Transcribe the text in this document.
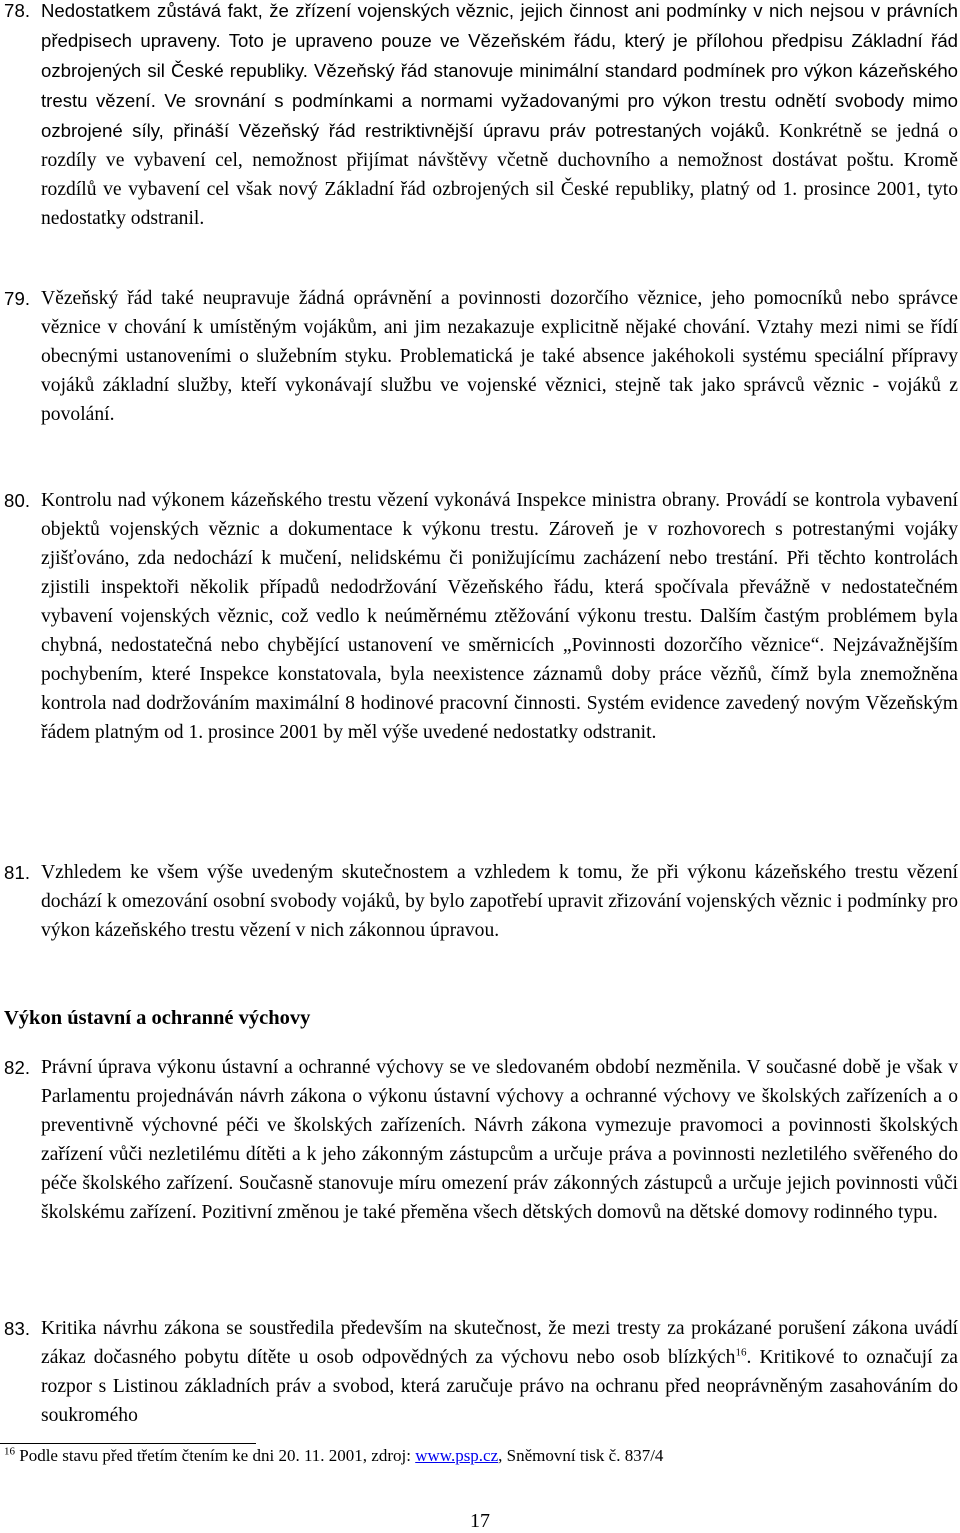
78. Nedostatkem zůstává fakt, že zřízení vojenských věznic, jejich činnost ani podmínky v nich nejsou v právních předpisech upraveny. Toto je upraveno pouze ve Vězeňském řádu, který je přílohou předpisu Základní řád ozbrojených sil České republiky. Vězeňský řád stanovuje minimální standard podmínek pro výkon kázeňského trestu vězení. Ve srovnání s podmínkami a normami vyžadovanými pro výkon trestu odnětí svobody mimo ozbrojené síly, přináší Vězeňský řád restriktivnější úpravu práv potrestaných vojáků. Konkrétně se jedná o rozdíly ve vybavení cel, nemožnost přijímat návštěvy včetně duchovního a nemožnost dostávat poštu. Kromě rozdílů ve vybavení cel však nový Základní řád ozbrojených sil České republiky, platný od 1. prosince 2001, tyto nedostatky odstranil.
79. Vězeňský řád také neupravuje žádná oprávnění a povinnosti dozorčího věznice, jeho pomocníků nebo správce věznice v chování k umístěným vojákům, ani jim nezakazuje explicitně nějaké chování. Vztahy mezi nimi se řídí obecnými ustanoveními o služebním styku. Problematická je také absence jakéhokoli systému speciální přípravy vojáků základní služby, kteří vykonávají službu ve vojenské věznici, stejně tak jako správců věznic - vojáků z povolání.
80. Kontrolu nad výkonem kázeňského trestu vězení vykonává Inspekce ministra obrany. Provádí se kontrola vybavení objektů vojenských věznic a dokumentace k výkonu trestu. Zároveň je v rozhovorech s potrestanými vojáky zjišťováno, zda nedochází k mučení, nelidskému či ponižujícímu zacházení nebo trestání. Při těchto kontrolách zjistili inspektoři několik případů nedodržování Vězeňského řádu, která spočívala převážně v nedostatečném vybavení vojenských věznic, což vedlo k neúměrnému ztěžování výkonu trestu. Dalším častým problémem byla chybná, nedostatečná nebo chybějící ustanovení ve směrnicích „Povinnosti dozorčího věznice“. Nejzávažnějším pochybením, které Inspekce konstatovala, byla neexistence záznamů doby práce vězňů, čímž byla znemožněna kontrola nad dodržováním maximální 8 hodinové pracovní činnosti. Systém evidence zavedený novým Vězeňským řádem platným od 1. prosince 2001 by měl výše uvedené nedostatky odstranit.
81. Vzhledem ke všem výše uvedeným skutečnostem a vzhledem k tomu, že při výkonu kázeňského trestu vězení dochází k omezování osobní svobody vojáků, by bylo zapotřebí upravit zřizování vojenských věznic i podmínky pro výkon kázeňského trestu vězení v nich zákonnou úpravou.
Výkon ústavní a ochranné výchovy
82. Právní úprava výkonu ústavní a ochranné výchovy se ve sledovaném období nezměnila. V současné době je však v Parlamentu projednáván návrh zákona o výkonu ústavní výchovy a ochranné výchovy ve školských zařízeních a o preventivně výchovné péči ve školských zařízeních. Návrh zákona vymezuje pravomoci a povinnosti školských zařízení vůči nezletilému dítěti a k jeho zákonným zástupcům a určuje práva a povinnosti nezletilého svěřeného do péče školského zařízení. Současně stanovuje míru omezení práv zákonných zástupců a určuje jejich povinnosti vůči školskému zařízení. Pozitivní změnou je také přeměna všech dětských domovů na dětské domovy rodinného typu.
83. Kritika návrhu zákona se soustředila především na skutečnost, že mezi tresty za prokázané porušení zákona uvádí zákaz dočasného pobytu dítěte u osob odpovědných za výchovu nebo osob blízkých$^{16}$. Kritikové to označují za rozpor s Listinou základních práv a svobod, která zaručuje právo na ochranu před neoprávněným zasahováním do soukromého
$^{16}$ Podle stavu před třetím čtením ke dni 20. 11. 2001, zdroj: www.psp.cz, Sněmovní tisk č. 837/4
17
